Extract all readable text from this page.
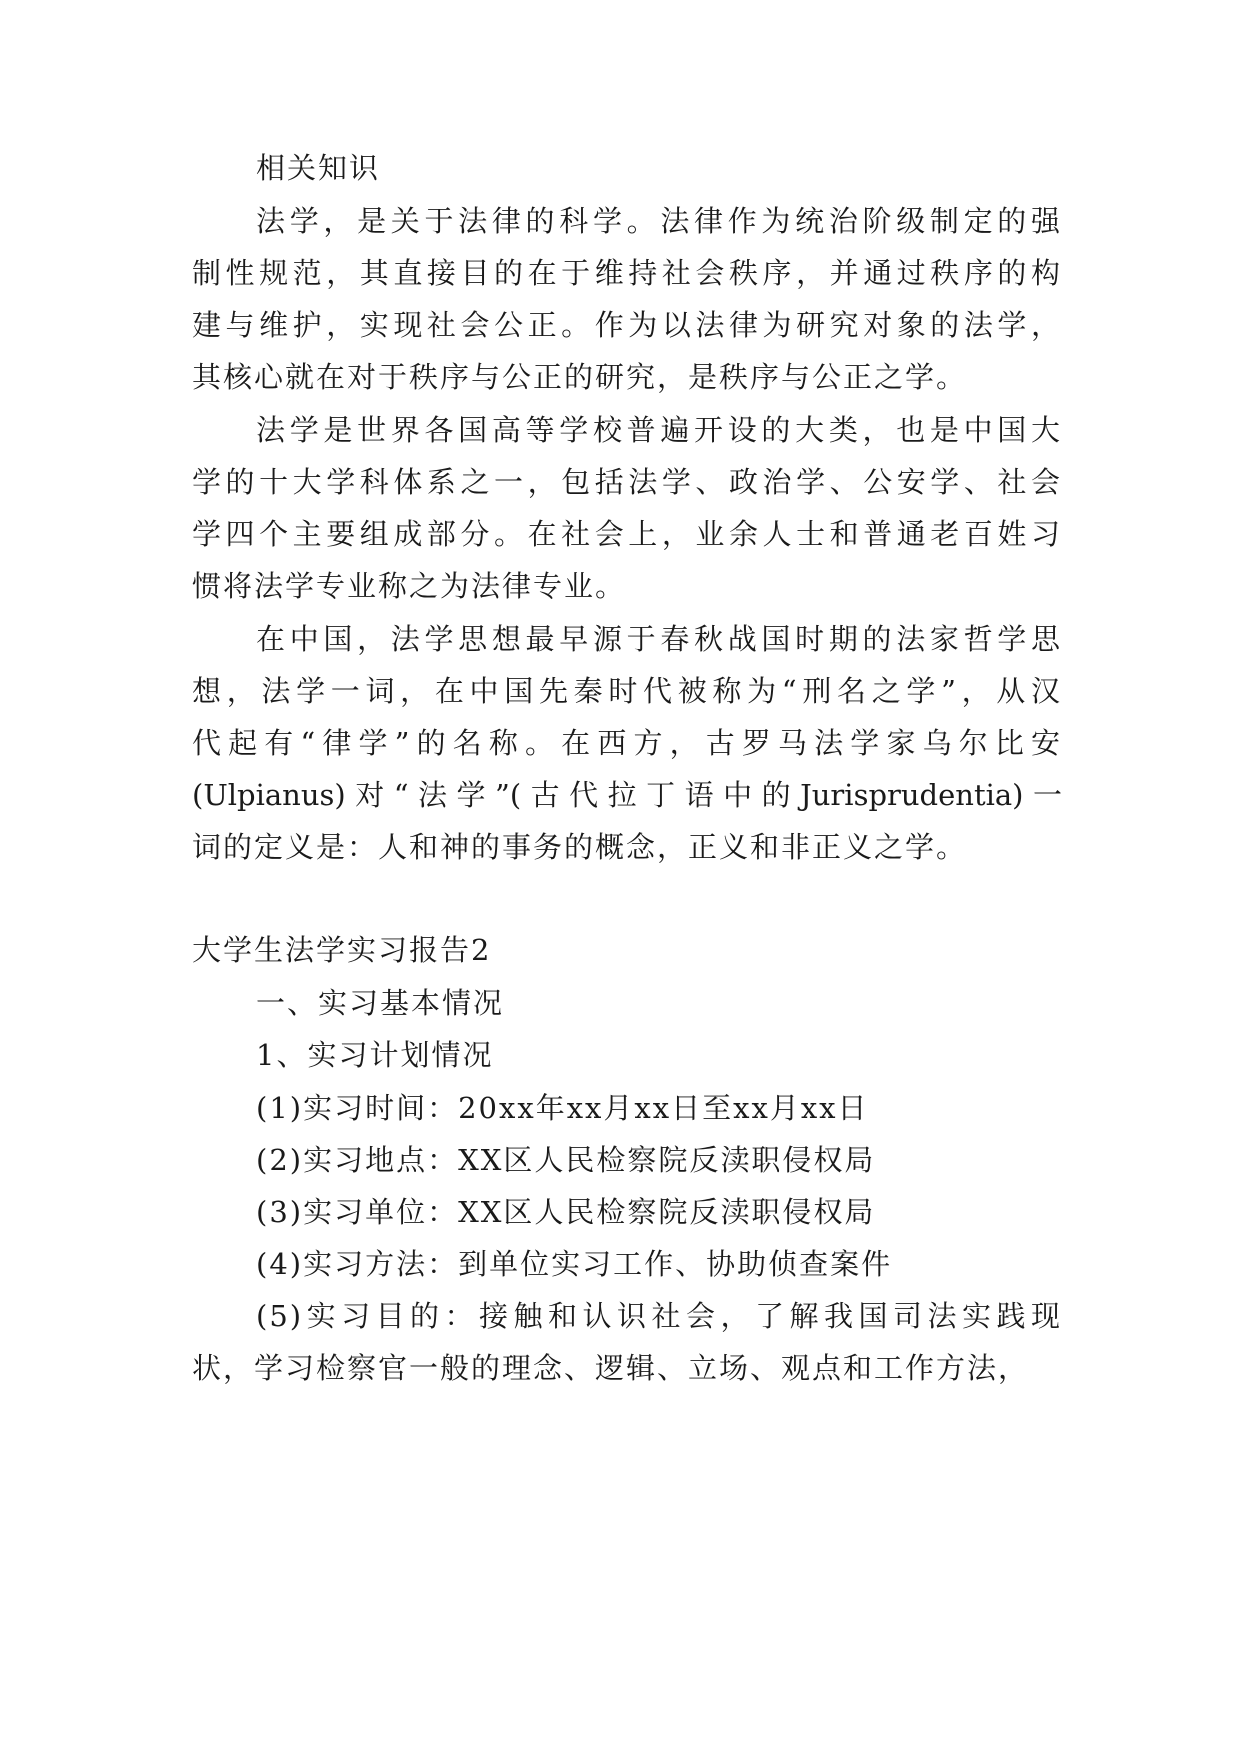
相关知识
法学，是关于法律的科学。法律作为统治阶级制定的强
制性规范，其直接目的在于维持社会秩序，并通过秩序的构
建与维护，实现社会公正。作为以法律为研究对象的法学，
其核心就在对于秩序与公正的研究，是秩序与公正之学。
法学是世界各国高等学校普遍开设的大类，也是中国大
学的十大学科体系之一，包括法学、政治学、公安学、社会
学四个主要组成部分。在社会上，业余人士和普通老百姓习
惯将法学专业称之为法律专业。
在中国，法学思想最早源于春秋战国时期的法家哲学思
想，法学一词，在中国先秦时代被称为“刑名之学”，从汉
代起有“律学”的名称。在西方，古罗马法学家乌尔比安
(Ulpianus)对“法学”(古代拉丁语中的Jurisprudentia)一
词的定义是：人和神的事务的概念，正义和非正义之学。
大学生法学实习报告2
一、实习基本情况
1、实习计划情况
(1)实习时间：20xx年xx月xx日至xx月xx日
(2)实习地点：XX区人民检察院反渎职侵权局
(3)实习单位：XX区人民检察院反渎职侵权局
(4)实习方法：到单位实习工作、协助侦查案件
(5)实习目的：接触和认识社会，了解我国司法实践现
状，学习检察官一般的理念、逻辑、立场、观点和工作方法，
